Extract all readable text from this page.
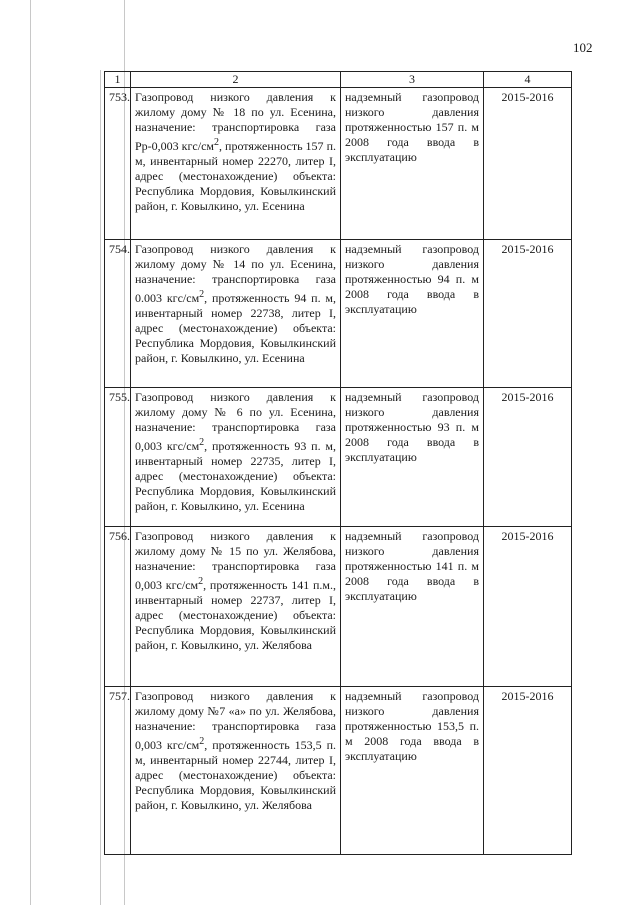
102
1	2	3	4
753.	Газопровод низкого давления к жилому дому № 18 по ул. Есенина, назначение: транспортировка газа Рр-0,003 кгс/$см^2$, протяженность 157 п. м, инвентарный номер 22270, литер I, адрес (местонахождение) объекта: Республика Мордовия, Ковылкинский район, г. Ковылкино, ул. Есенина	надземный газопровод низкого давления протяженностью 157 п. м 2008 года ввода в эксплуатацию	2015-2016
754.	Газопровод низкого давления к жилому дому № 14 по ул. Есенина, назначение: транспортировка газа 0.003 кгс/$см^2$, протяженность 94 п. м, инвентарный номер 22738, литер I, адрес (местонахождение) объекта: Республика Мордовия, Ковылкинский район, г. Ковылкино, ул. Есенина	надземный газопровод низкого давления протяженностью 94 п. м 2008 года ввода в эксплуатацию	2015-2016
755.	Газопровод низкого давления к жилому дому № 6 по ул. Есенина, назначение: транспортировка газа 0,003 кгс/$см^2$, протяженность 93 п. м, инвентарный номер 22735, литер I, адрес (местонахождение) объекта: Республика Мордовия, Ковылкинский район, г. Ковылкино, ул. Есенина	надземный газопровод низкого давления протяженностью 93 п. м 2008 года ввода в эксплуатацию	2015-2016
756.	Газопровод низкого давления к жилому дому № 15 по ул. Желябова, назначение: транспортировка газа 0,003 кгс/$см^2$, протяженность 141 п.м., инвентарный номер 22737, литер I, адрес (местонахождение) объекта: Республика Мордовия, Ковылкинский район, г. Ковылкино, ул. Желябова	надземный газопровод низкого давления протяженностью 141 п. м 2008 года ввода в эксплуатацию	2015-2016
757.	Газопровод низкого давления к жилому дому №7 «а» по ул. Желябова, назначение: транспортировка газа 0,003 кгс/$см^2$, протяженность 153,5 п. м, инвентарный номер 22744, литер I, адрес (местонахождение) объекта: Республика Мордовия, Ковылкинский район, г. Ковылкино, ул. Желябова	надземный газопровод низкого давления протяженностью 153,5 п. м 2008 года ввода в эксплуатацию	2015-2016
